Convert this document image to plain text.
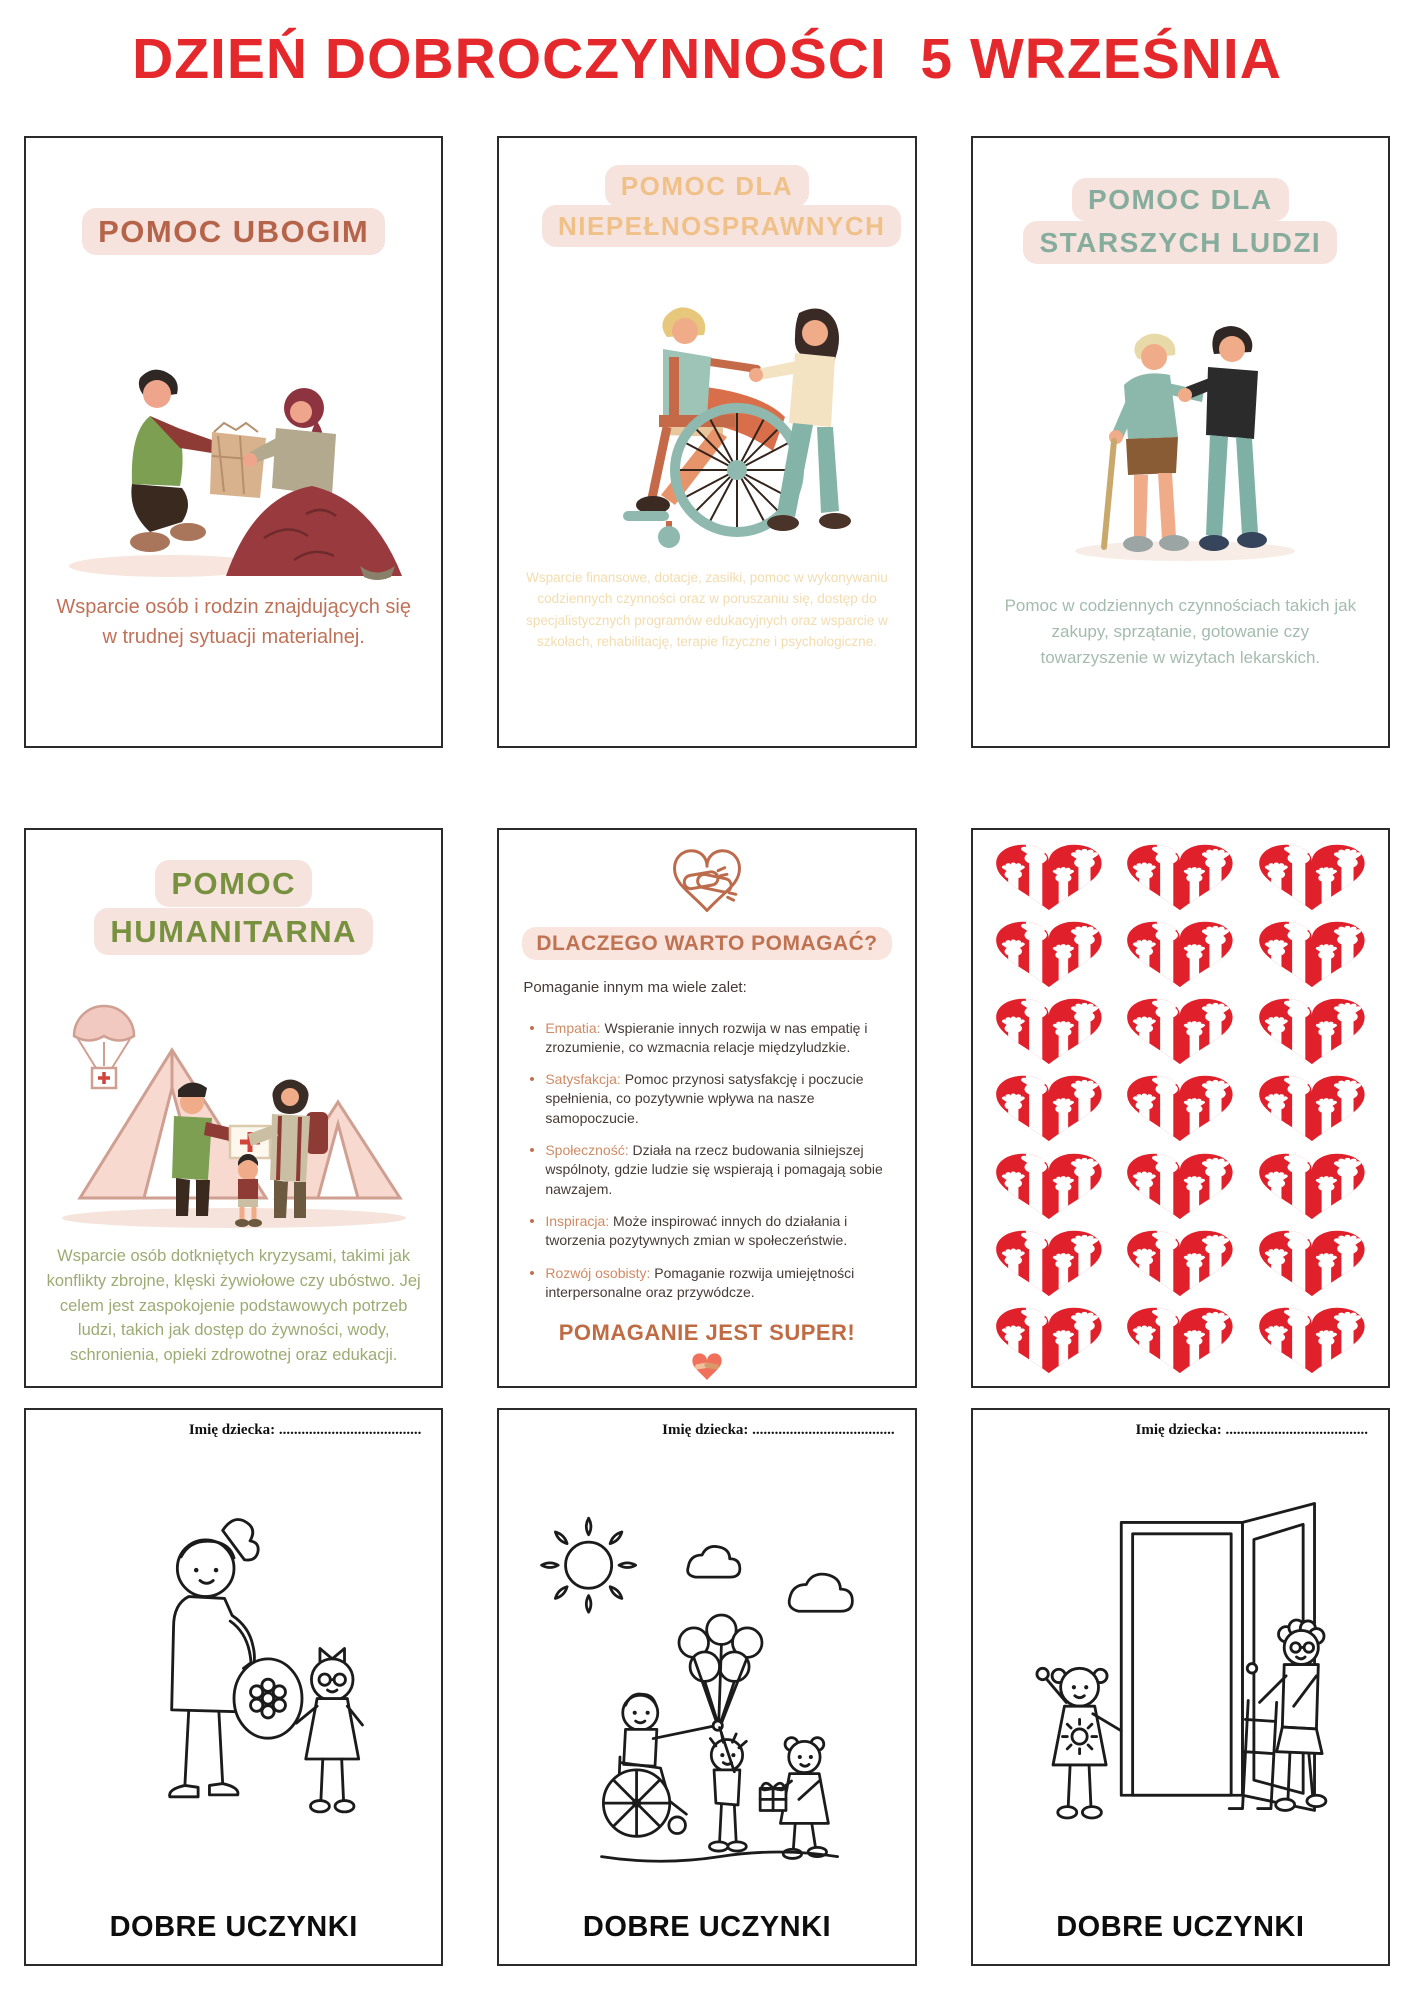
DZIEŃ DOBROCZYNNOŚCI  5 WRZEŚNIA
POMOC UBOGIM

Wsparcie osób i rodzin znajdujących się w trudnej sytuacji materialnej.

POMOC DLA NIEPEŁNOSPRAWNYCH

Wsparcie finansowe, dotacje, zasiłki, pomoc w wykonywaniu codziennych czynności oraz w poruszaniu się, dostęp do specjalistycznych programów edukacyjnych oraz wsparcie w szkołach, rehabilitację, terapie fizyczne i psychologiczne.

POMOC DLA STARSZYCH LUDZI

Pomoc w codziennych czynnościach takich jak zakupy, sprzątanie, gotowanie czy towarzyszenie w wizytach lekarskich.

POMOC HUMANITARNA

Wsparcie osób dotkniętych kryzysami, takimi jak konflikty zbrojne, klęski żywiołowe czy ubóstwo. Jej celem jest zaspokojenie podstawowych potrzeb ludzi, takich jak dostęp do żywności, wody, schronienia, opieki zdrowotnej oraz edukacji.

DLACZEGO WARTO POMAGAĆ?
Pomaganie innym ma wiele zalet:
• Empatia: Wspieranie innych rozwija w nas empatię i zrozumienie, co wzmacnia relacje międzyludzkie.
• Satysfakcja: Pomoc przynosi satysfakcję i poczucie spełnienia, co pozytywnie wpływa na nasze samopoczucie.
• Społeczność: Działa na rzecz budowania silniejszej wspólnoty, gdzie ludzie się wspierają i pomagają sobie nawzajem.
• Inspiracja: Może inspirować innych do działania i tworzenia pozytywnych zmian w społeczeństwie.
• Rozwój osobisty: Pomaganie rozwija umiejętności interpersonalne oraz przywódcze.
POMAGANIE JEST SUPER!
Imię dziecka: ......................................
DOBRE UCZYNKI
Imię dziecka: ......................................
DOBRE UCZYNKI
Imię dziecka: ......................................
DOBRE UCZYNKI
